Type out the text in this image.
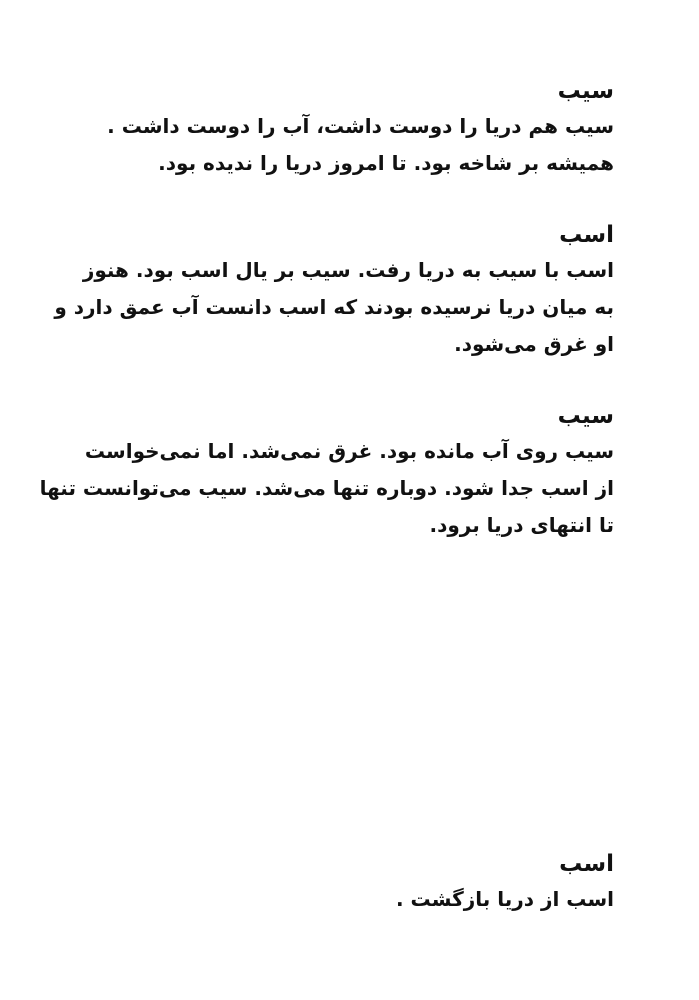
سیب

سیب هم دریا را دوست داشت، آب را دوست داشت .
همیشه بر شاخه بود. تا امروز دریا را ندیده بود.

اسب

اسب با سیب به دریا رفت. سیب بر یال اسب بود. هنوز
به میان دریا نرسیده بودند که اسب دانست آب عمق دارد و
او غرق می‌شود.

سیب

سیب روی آب مانده بود. غرق نمی‌شد. اما نمی‌خواست
از اسب جدا شود. دوباره تنها می‌شد. سیب می‌توانست تنها
تا انتهای دریا برود.

اسب

اسب از دریا بازگشت .
